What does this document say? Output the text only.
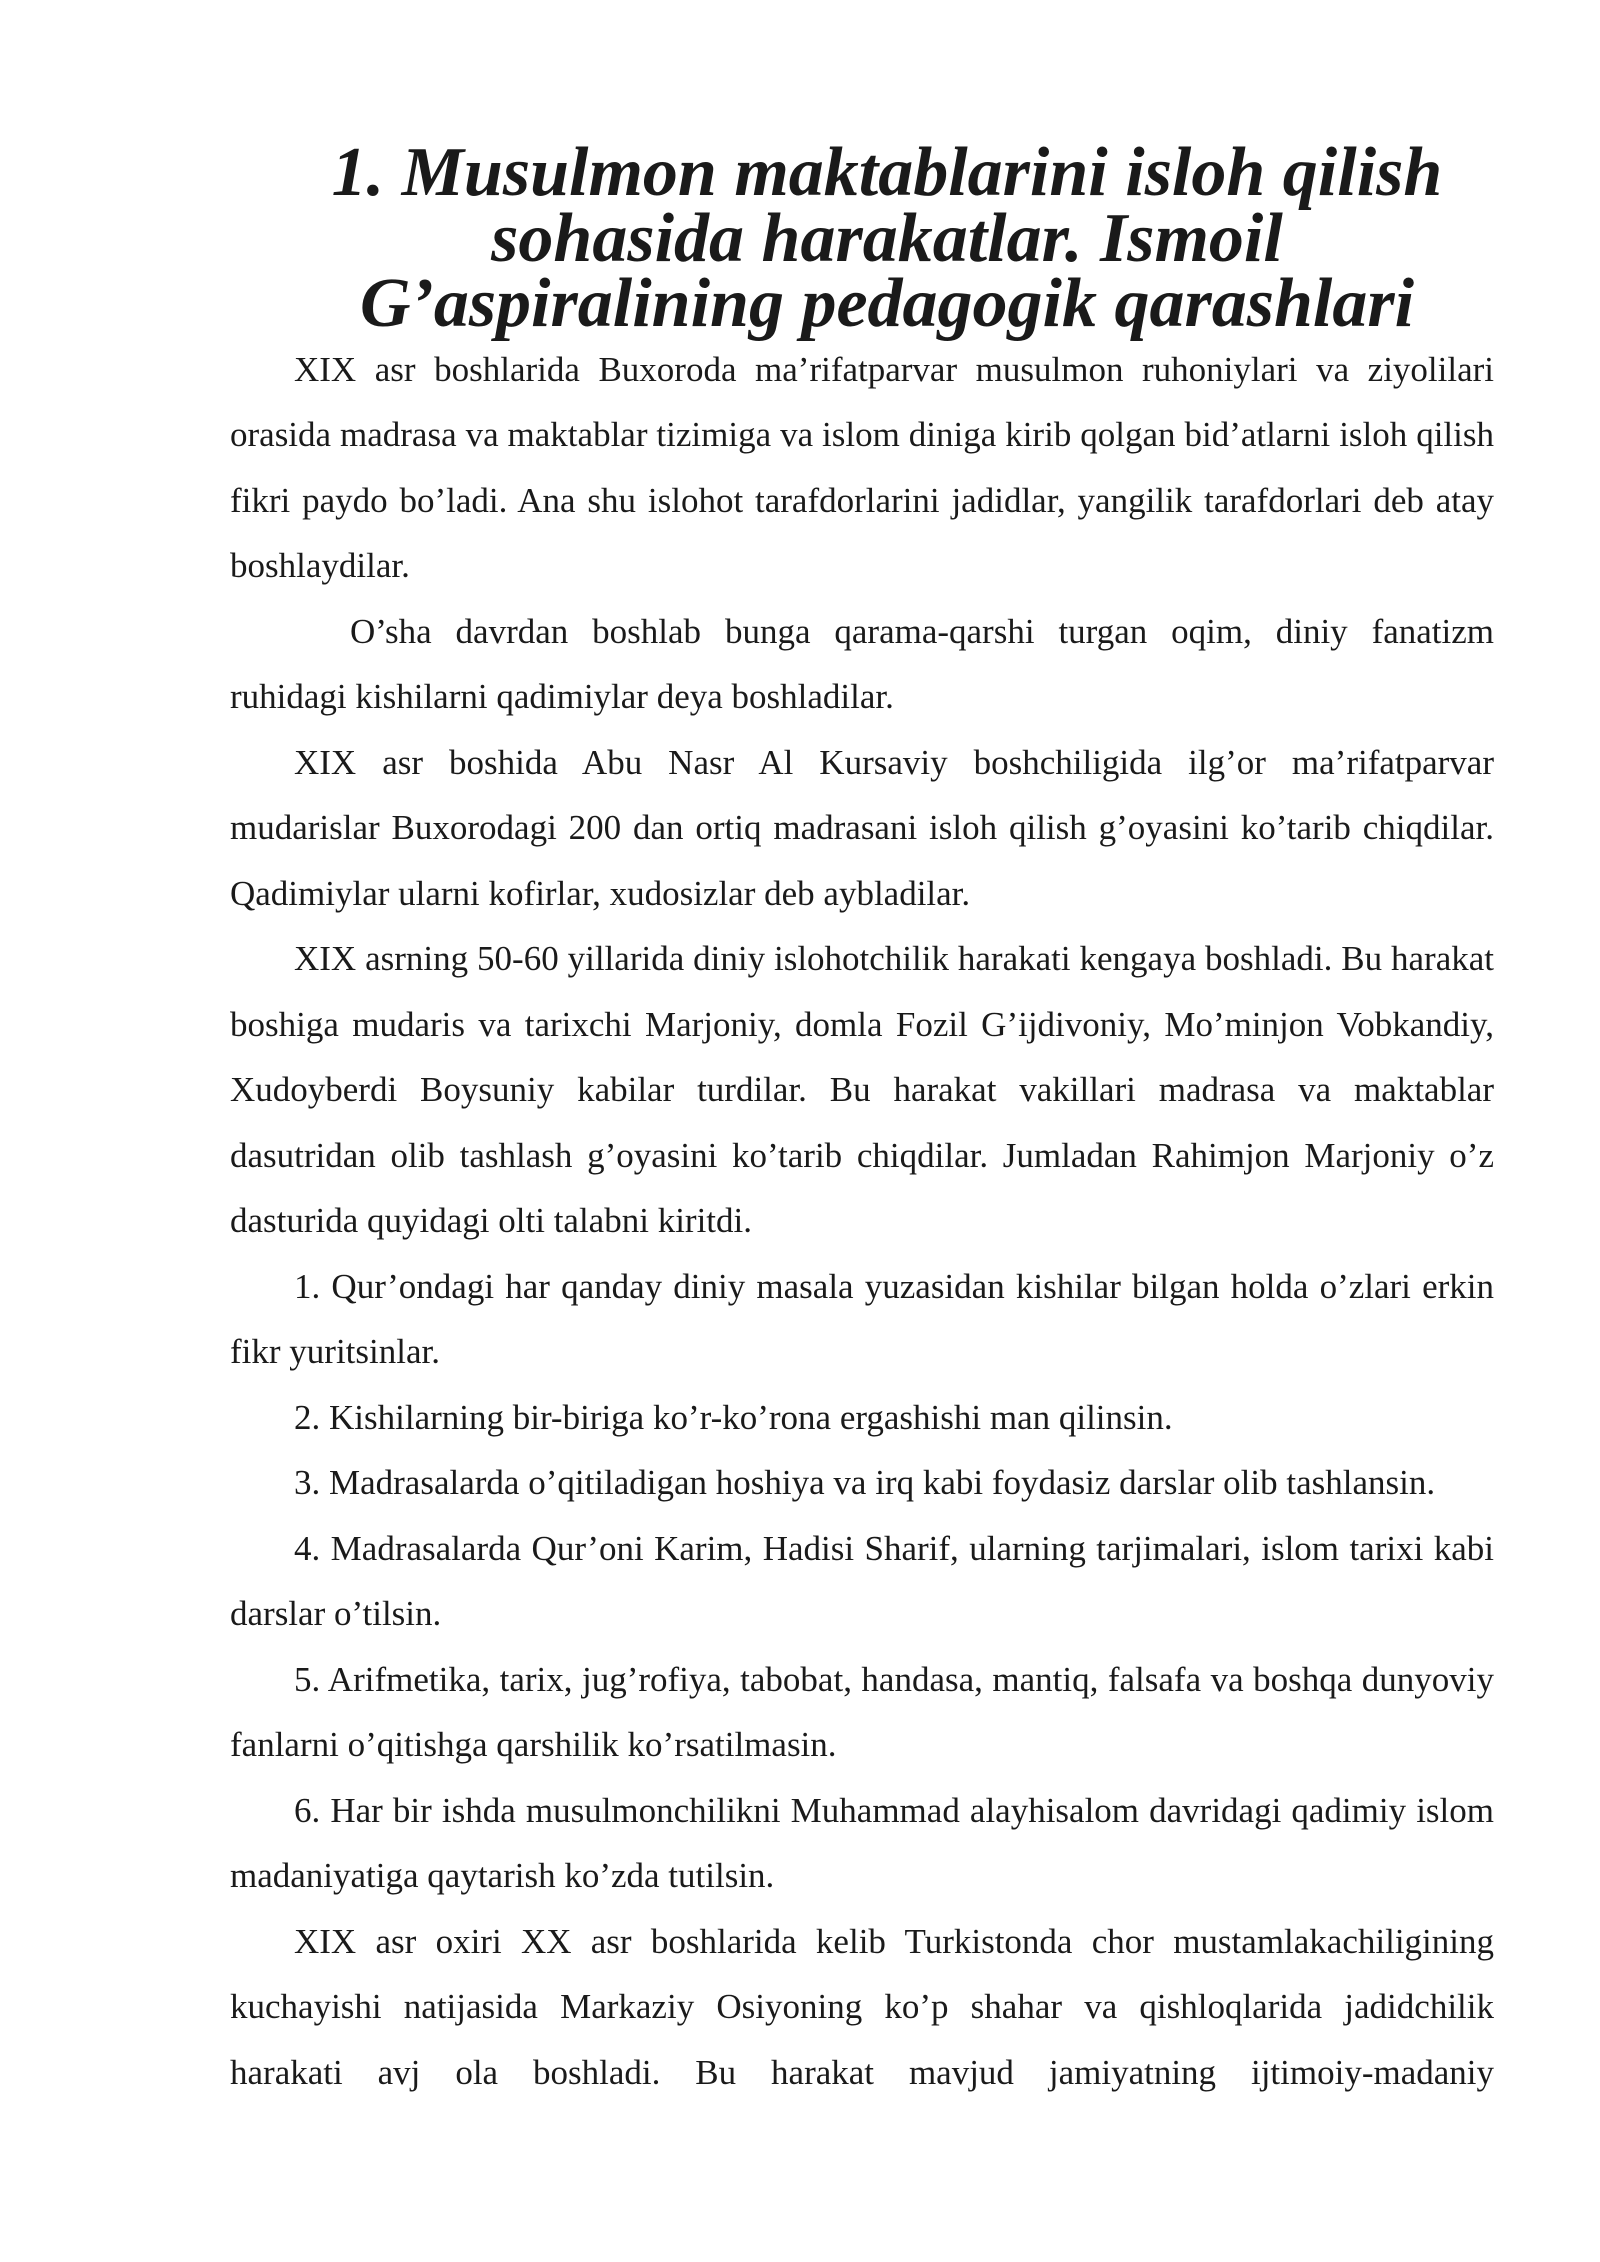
1. Musulmon maktablarini isloh qilish sohasida harakatlar. Ismoil
G’aspiralining pedagogik qarashlari

XIX asr boshlarida Buxoroda ma’rifatparvar musulmon ruhoniylari va ziyolilari orasida madrasa va maktablar tizimiga va islom diniga kirib qolgan bid’atlarni isloh qilish fikri paydo bo’ladi. Ana shu islohot tarafdorlarini jadidlar, yangilik tarafdorlari deb atay boshlaydilar.

O’sha davrdan boshlab bunga qarama-qarshi turgan oqim, diniy fanatizm ruhidagi kishilarni qadimiylar deya boshladilar.

XIX asr boshida Abu Nasr Al Kursaviy boshchiligida ilg’or ma’rifatparvar mudarislar Buxorodagi 200 dan ortiq madrasani isloh qilish g’oyasini ko’tarib chiqdilar. Qadimiylar ularni kofirlar, xudosizlar deb aybladilar.

XIX asrning 50-60 yillarida diniy islohotchilik harakati kengaya boshladi. Bu harakat boshiga mudaris va tarixchi Marjoniy, domla Fozil G’ijdivoniy, Mo’minjon Vobkandiy, Xudoyberdi Boysuniy kabilar turdilar. Bu harakat vakillari madrasa va maktablar dasutridan olib tashlash g’oyasini ko’tarib chiqdilar. Jumladan Rahimjon Marjoniy o’z dasturida quyidagi olti talabni kiritdi.

1. Qur’ondagi har qanday diniy masala yuzasidan kishilar bilgan holda o’zlari erkin fikr yuritsinlar.

2. Kishilarning bir-biriga ko’r-ko’rona ergashishi man qilinsin.

3. Madrasalarda o’qitiladigan hoshiya va irq kabi foydasiz darslar olib tashlansin.

4. Madrasalarda Qur’oni Karim, Hadisi Sharif, ularning tarjimalari, islom tarixi kabi darslar o’tilsin.

5. Arifmetika, tarix, jug’rofiya, tabobat, handasa, mantiq, falsafa va boshqa dunyoviy fanlarni o’qitishga qarshilik ko’rsatilmasin.

6. Har bir ishda musulmonchilikni Muhammad alayhisalom davridagi qadimiy islom madaniyatiga qaytarish ko’zda tutilsin.

XIX asr oxiri XX asr boshlarida kelib Turkistonda chor mustamlakachiligining kuchayishi natijasida Markaziy Osiyoning ko’p shahar va qishloqlarida jadidchilik harakati avj ola boshladi. Bu harakat mavjud jamiyatning ijtimoiy-madaniy
